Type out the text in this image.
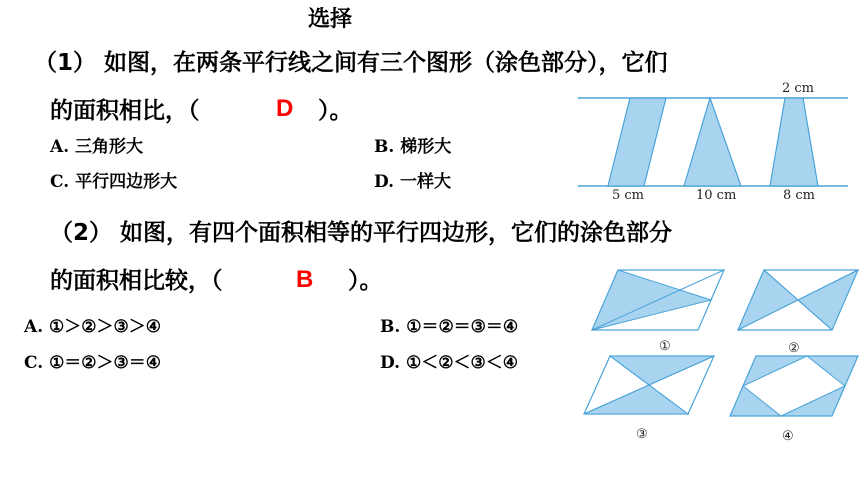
选择
（1） 如图，在两条平行线之间有三个图形（涂色部分），它们
的面积相比，（	D ）。
A. 三角形大	B. 梯形大
C. 平行四边形大	D. 一样大
2 cm
5 cm	10 cm	8 cm
（2） 如图，有四个面积相等的平行四边形，它们的涂色部分
的面积相比较，（	B ）。
A. ①＞②＞③＞④	B. ①＝②＝③＝④
C. ①＝②＞③＝④	D. ①＜②＜③＜④
①	②
③	④
